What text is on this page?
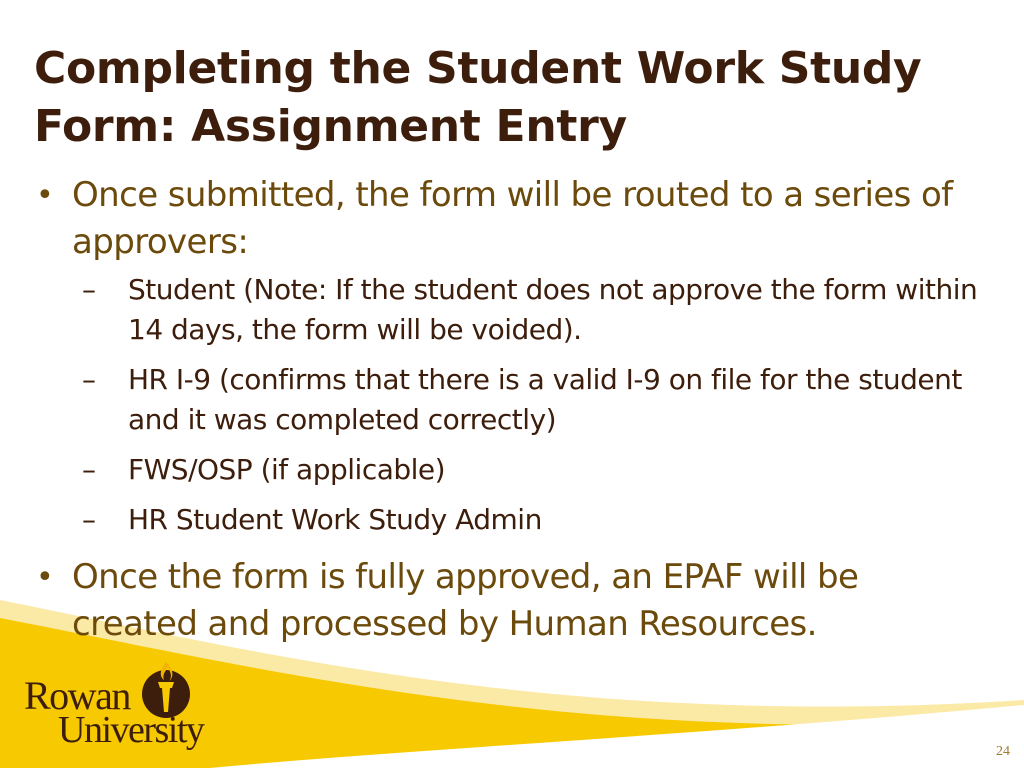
Completing the Student Work Study Form: Assignment Entry
• Once submitted, the form will be routed to a series of approvers:
– Student (Note: If the student does not approve the form within 14 days, the form will be voided).
– HR I-9 (confirms that there is a valid I-9 on file for the student and it was completed correctly)
– FWS/OSP (if applicable)
– HR Student Work Study Admin
• Once the form is fully approved, an EPAF will be created and processed by Human Resources.
Rowan
University
24
